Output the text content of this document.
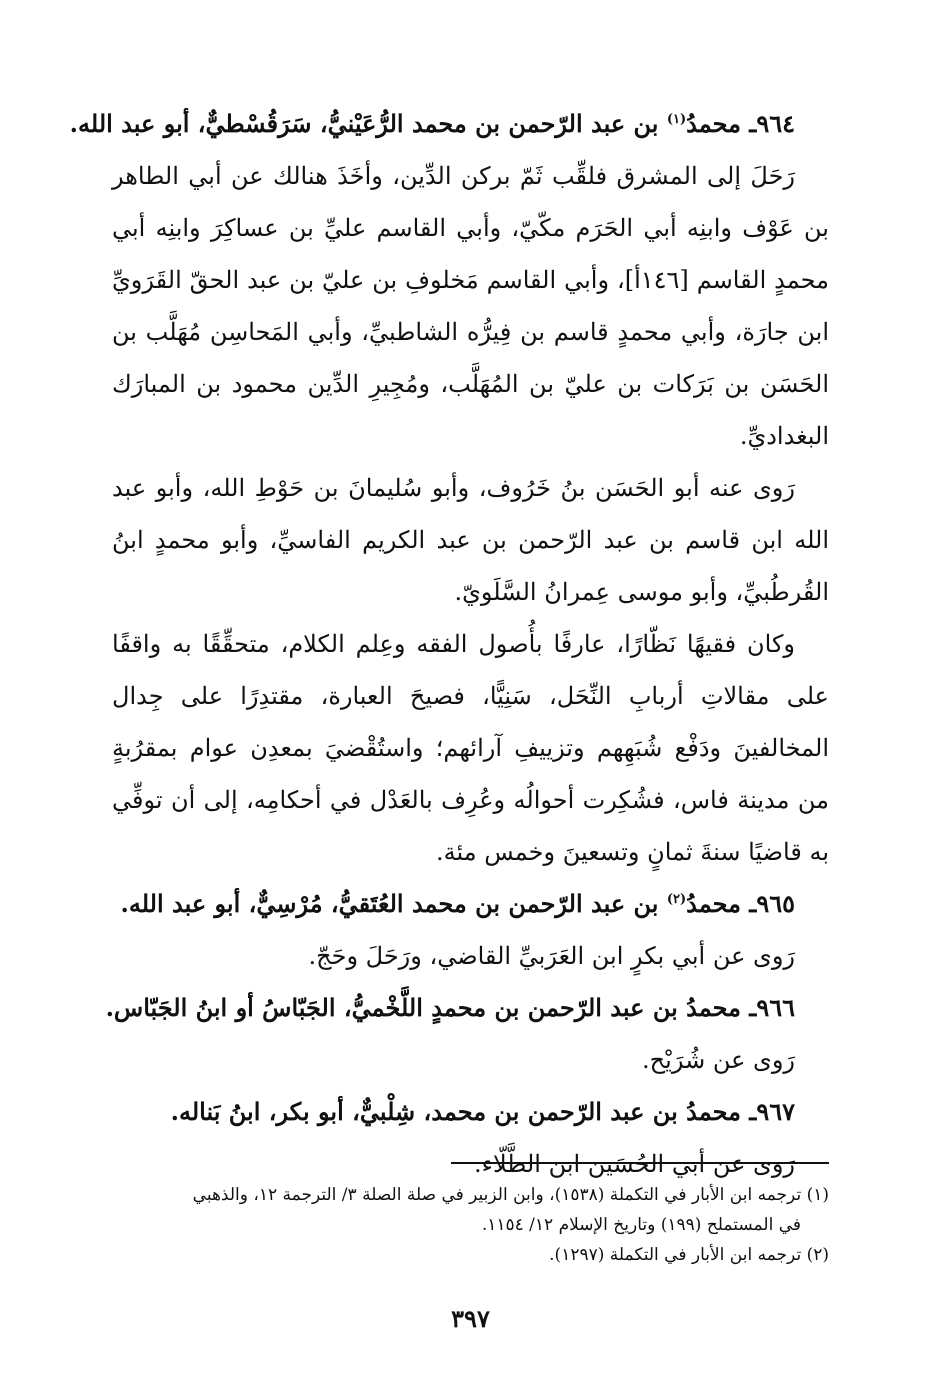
٩٦٤ـ محمدُ$^{(١)}$ بن عبد الرّحمن بن محمد الرُّعَيْنيُّ، سَرَقُسْطيٌّ، أبو عبد الله.

رَحَلَ إلى المشرق فلقِّب ثَمّ بركن الدِّين، وأخَذَ هنالك عن أبي الطاهر بن عَوْف وابنِه أبي الحَرَم مكّيّ، وأبي القاسم عليِّ بن عساكِرَ وابنِه أبي محمدٍ القاسم [١٤٦أ]، وأبي القاسم مَخلوفِ بن عليّ بن عبد الحقّ القَرَويِّ ابن جارَة، وأبي محمدٍ قاسم بن فِيرُّه الشاطبيِّ، وأبي المَحاسِن مُهَلَّب بن الحَسَن بن بَرَكات بن عليّ بن المُهَلَّب، ومُجِيرِ الدِّين محمود بن المبارَك البغداديِّ.

رَوى عنه أبو الحَسَن بنُ خَرُوف، وأبو سُليمانَ بن حَوْطِ الله، وأبو عبد الله ابن قاسم بن عبد الرّحمن بن عبد الكريم الفاسيِّ، وأبو محمدٍ ابنُ القُرطُبيِّ، وأبو موسى عِمرانُ السَّلَويّ.

وكان فقيهًا نَظّارًا، عارفًا بأُصول الفقه وعِلم الكلام، متحقِّقًا به واقفًا على مقالاتِ أربابِ النِّحَل، سَنِيًّا، فصيحَ العبارة، مقتدِرًا على جِدال المخالفينَ ودَفْع شُبَهِهم وتزييفِ آرائهم؛ واستُقْضيَ بمعدِن عوام بمقرُبةٍ من مدينة فاس، فشُكِرت أحوالُه وعُرِف بالعَدْل في أحكامِه، إلى أن توفِّي به قاضيًا سنةَ ثمانٍ وتسعينَ وخمس مئة.

٩٦٥ـ محمدُ$^{(٢)}$ بن عبد الرّحمن بن محمد العُتَقيُّ، مُرْسِيٌّ، أبو عبد الله.

رَوى عن أبي بكرٍ ابن العَرَبيِّ القاضي، ورَحَلَ وحَجّ.

٩٦٦ـ محمدُ بن عبد الرّحمن بن محمدٍ اللَّخْميُّ، الجَبّاسُ أو ابنُ الجَبّاس.

رَوى عن شُرَيْح.

٩٦٧ـ محمدُ بن عبد الرّحمن بن محمد، شِلْبيٌّ، أبو بكر، ابنُ بَناله.

رَوى عن أبي الحُسَين ابن الطَّلّاء.

(١) ترجمه ابن الأبار في التكملة (١٥٣٨)، وابن الزبير في صلة الصلة ٣/ الترجمة ١٢، والذهبي
في المستملح (١٩٩) وتاريخ الإسلام ١٢/ ١١٥٤.

(٢) ترجمه ابن الأبار في التكملة (١٢٩٧).

٣٩٧
